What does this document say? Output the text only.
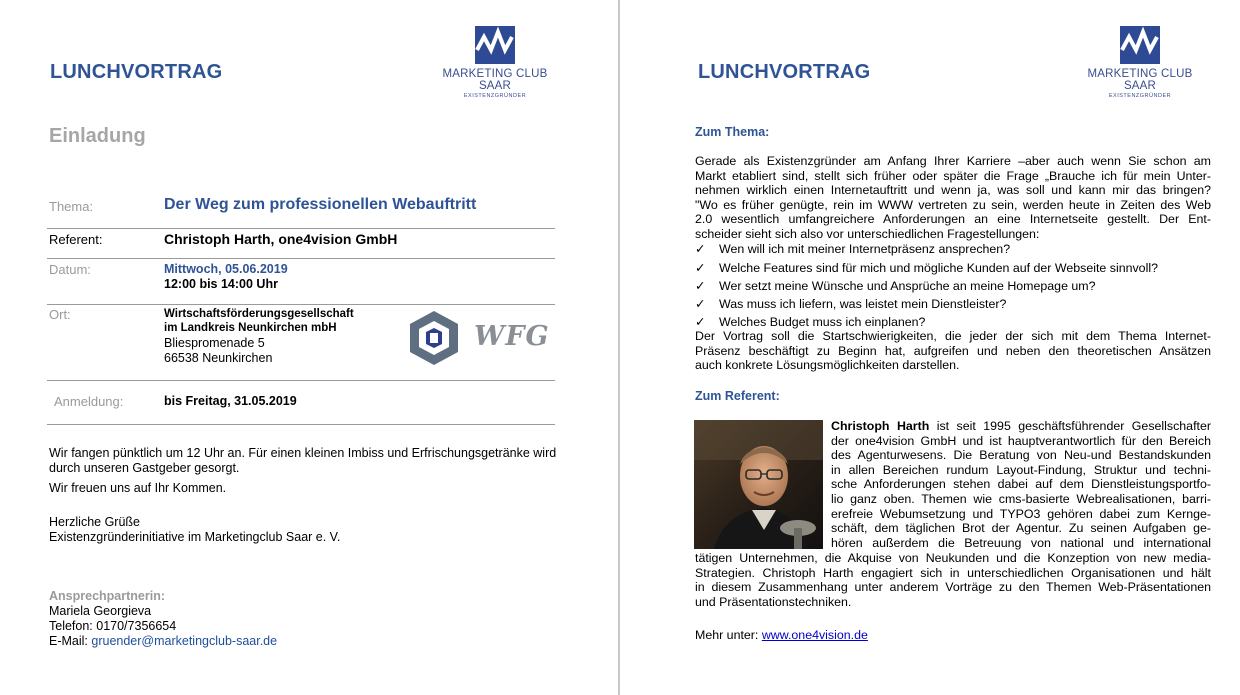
LUNCHVORTRAG	MARKETING CLUB
SAAR
EXISTENZGRÜNDER
Einladung
Thema:	Der Weg zum professionellen Webauftritt
Referent:	Christoph Harth, one4vision GmbH
Datum:	Mittwoch, 05.06.2019
12:00 bis 14:00 Uhr
Ort:	Wirtschaftsförderungsgesellschaft
im Landkreis Neunkirchen mbH
Bliespromenade 5
66538 Neunkirchen
WFG
Anmeldung:	bis Freitag, 31.05.2019
Wir fangen pünktlich um 12 Uhr an. Für einen kleinen Imbiss und Erfrischungsgetränke wird durch unseren Gastgeber gesorgt.
Wir freuen uns auf Ihr Kommen.
Herzliche Grüße
Existenzgründerinitiative im Marketingclub Saar e. V.
Ansprechpartnerin:
Mariela Georgieva
Telefon: 0170/7356654
E-Mail: gruender@marketingclub-saar.de
LUNCHVORTRAG	MARKETING CLUB
SAAR
EXISTENZGRÜNDER
Zum Thema:
Gerade als Existenzgründer am Anfang Ihrer Karriere –aber auch wenn Sie schon am
Markt etabliert sind, stellt sich früher oder später die Frage „Brauche ich für mein Unter-
nehmen wirklich einen Internetauftritt und wenn ja, was soll und kann mir das bringen?
"Wo es früher genügte, rein im WWW vertreten zu sein, werden heute in Zeiten des Web
2.0 wesentlich umfangreichere Anforderungen an eine Internetseite gestellt. Der Ent-
scheider sieht sich also vor unterschiedlichen Fragestellungen:
✓ Wen will ich mit meiner Internetpräsenz ansprechen?
✓ Welche Features sind für mich und mögliche Kunden auf der Webseite sinnvoll?
✓ Wer setzt meine Wünsche und Ansprüche an meine Homepage um?
✓ Was muss ich liefern, was leistet mein Dienstleister?
✓ Welches Budget muss ich einplanen?
Der Vortrag soll die Startschwierigkeiten, die jeder der sich mit dem Thema Internet-
Präsenz beschäftigt zu Beginn hat, aufgreifen und neben den theoretischen Ansätzen
auch konkrete Lösungsmöglichkeiten darstellen.
Zum Referent:
Christoph Harth ist seit 1995 geschäftsführender Gesellschafter
der one4vision GmbH und ist hauptverantwortlich für den Bereich
des Agenturwesens. Die Beratung von Neu-und Bestandskunden
in allen Bereichen rundum Layout-Findung, Struktur und techni-
sche Anforderungen stehen dabei auf dem Dienstleistungsportfo-
lio ganz oben. Themen wie cms-basierte Webrealisationen, barri-
erefreie Webumsetzung und TYPO3 gehören dabei zum Kernge-
schäft, dem täglichen Brot der Agentur. Zu seinen Aufgaben ge-
hören außerdem die Betreuung von national und international
tätigen Unternehmen, die Akquise von Neukunden und die Konzeption von new media-
Strategien. Christoph Harth engagiert sich in unterschiedlichen Organisationen und hält
in diesem Zusammenhang unter anderem Vorträge zu den Themen Web-Präsentationen
und Präsentationstechniken.
Mehr unter: www.one4vision.de
